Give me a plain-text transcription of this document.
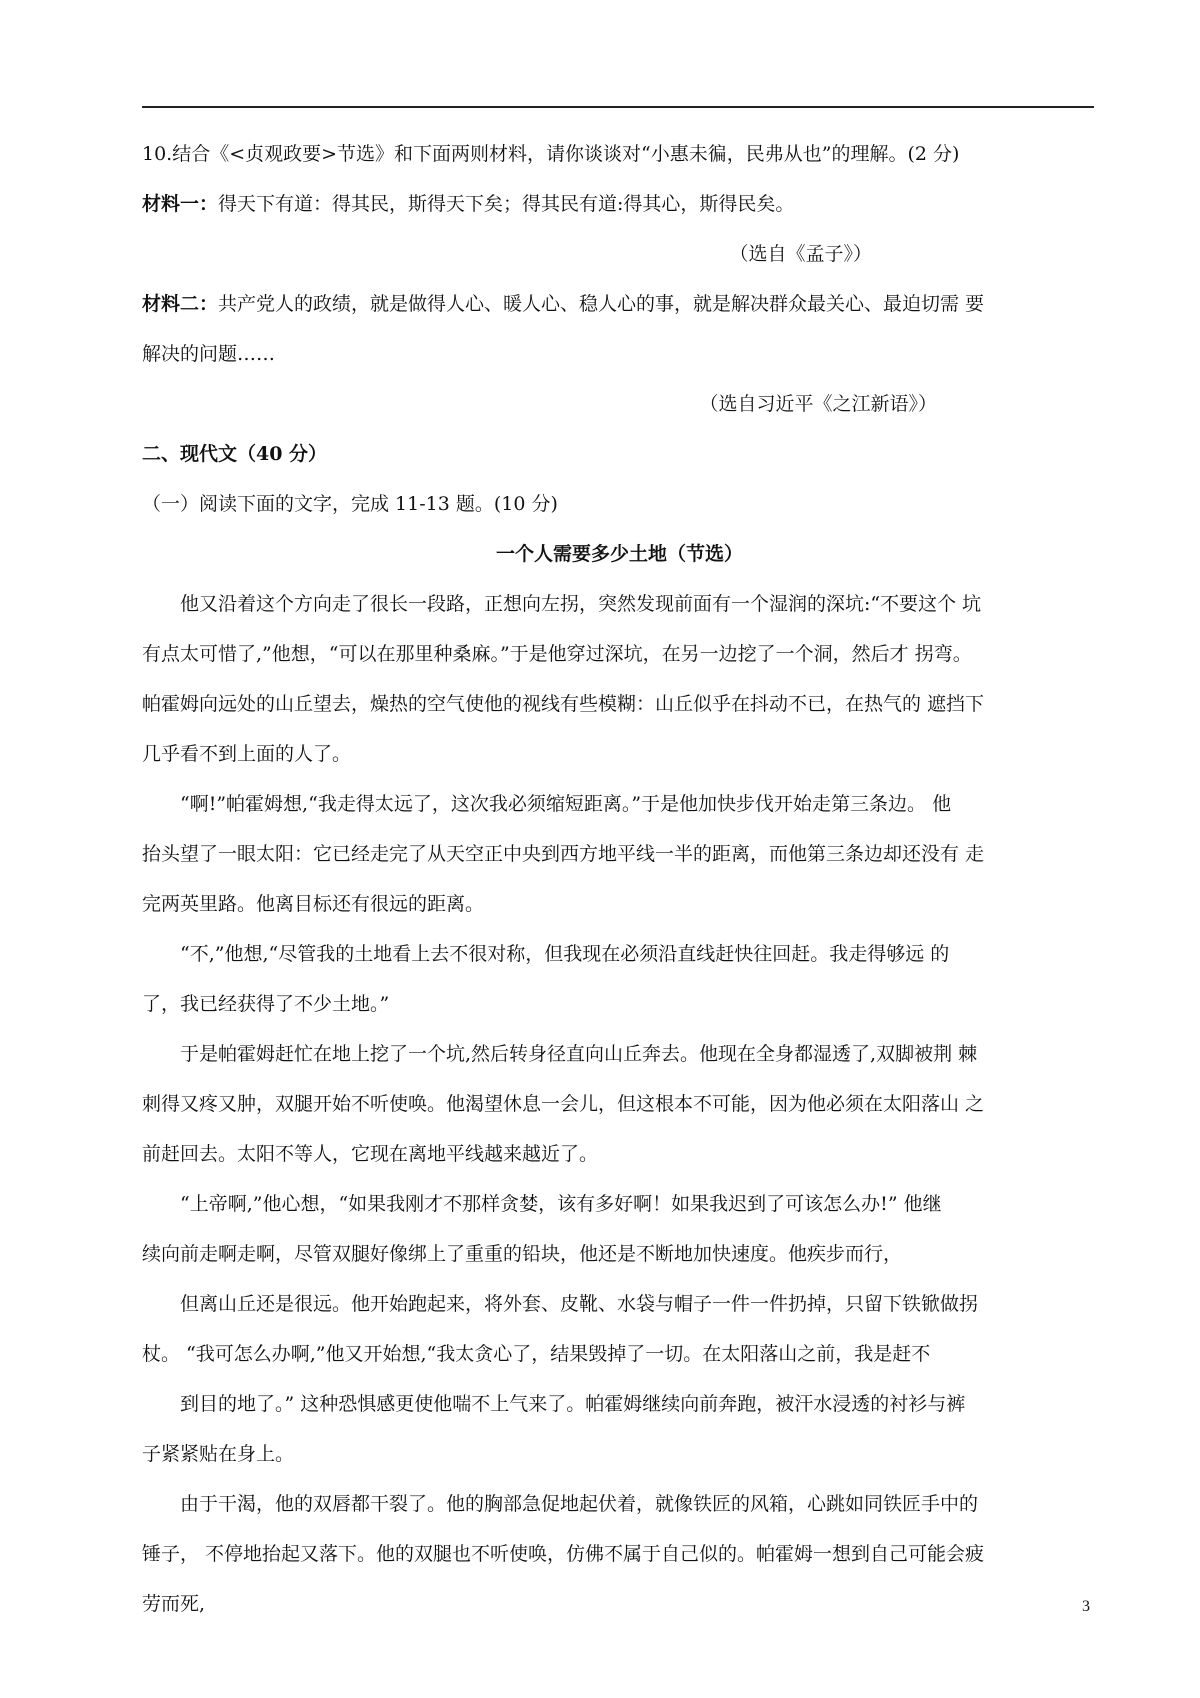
10.结合《<贞观政要>节选》和下面两则材料，请你谈谈对“小惠未徧，民弗从也”的理解。(2 分)
材料一：得天下有道：得其民，斯得天下矣；得其民有道:得其心，斯得民矣。
（选自《孟子》）
材料二：共产党人的政绩，就是做得人心、暖人心、稳人心的事，就是解决群众最关心、最迫切需 要
解决的问题……
（选自习近平《之江新语》）
二、现代文（40 分）
（一）阅读下面的文字，完成 11-13 题。(10 分)
一个人需要多少土地（节选）
他又沿着这个方向走了很长一段路，正想向左拐，突然发现前面有一个湿润的深坑:“不要这个 坑
有点太可惜了,”他想，“可以在那里种桑麻。”于是他穿过深坑，在另一边挖了一个洞，然后才 拐弯。
帕霍姆向远处的山丘望去，燥热的空气使他的视线有些模糊：山丘似乎在抖动不已，在热气的 遮挡下
几乎看不到上面的人了。
“啊!”帕霍姆想,“我走得太远了，这次我必须缩短距离。”于是他加快步伐开始走第三条边。 他
抬头望了一眼太阳：它已经走完了从天空正中央到西方地平线一半的距离，而他第三条边却还没有 走
完两英里路。他离目标还有很远的距离。
“不,”他想,“尽管我的土地看上去不很对称，但我现在必须沿直线赶快往回赶。我走得够远 的
了，我已经获得了不少土地。”
于是帕霍姆赶忙在地上挖了一个坑,然后转身径直向山丘奔去。他现在全身都湿透了,双脚被荆 棘
刺得又疼又肿，双腿开始不听使唤。他渴望休息一会儿，但这根本不可能，因为他必须在太阳落山 之
前赶回去。太阳不等人，它现在离地平线越来越近了。
“上帝啊,”他心想，“如果我刚才不那样贪婪，该有多好啊！如果我迟到了可该怎么办!” 他继
续向前走啊走啊，尽管双腿好像绑上了重重的铅块，他还是不断地加快速度。他疾步而行，
但离山丘还是很远。他开始跑起来，将外套、皮靴、水袋与帽子一件一件扔掉，只留下铁锨做拐
杖。 “我可怎么办啊,”他又开始想,“我太贪心了，结果毁掉了一切。在太阳落山之前，我是赶不
到目的地了。” 这种恐惧感更使他喘不上气来了。帕霍姆继续向前奔跑，被汗水浸透的衬衫与裤
子紧紧贴在身上。
由于干渴，他的双唇都干裂了。他的胸部急促地起伏着，就像铁匠的风箱，心跳如同铁匠手中的
锤子， 不停地抬起又落下。他的双腿也不听使唤，仿佛不属于自己似的。帕霍姆一想到自己可能会疲
劳而死,	3
